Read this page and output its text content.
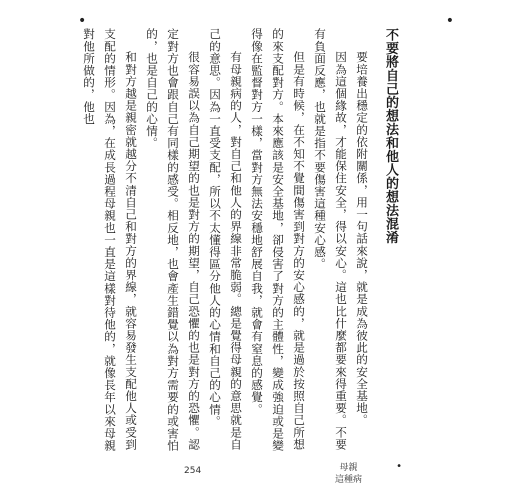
•
•
不要將自己的想法和他人的想法混淆

要培養出穩定的依附關係，用一句話來說，就是成為彼此的安全基地。

因為這個緣故，才能保住安全，得以安心。這也比什麼都要來得重要。不要有負面反應，也就是指不要傷害這種安心感。

但是有時候，在不知不覺間傷害到對方的安心感的，就是過於按照自己所想的來支配對方。本來應該是安全基地，卻侵害了對方的主體性，變成強迫或是變得像在監督對方一樣，當對方無法安穩地舒展自我，就會有窒息的感覺。

有母親病的人，對自己和他人的界線非常脆弱。總是覺得母親的意思就是自己的意思。因為一直受支配，所以不太懂得區分他人的心情和自己的心情。

很容易誤以為自己期望的也是對方的期望，自己恐懼的也是對方的恐懼。認定對方也會跟自己有同樣的感受。相反地，也會產生錯覺以為對方需要的或害怕的，也是自己的心情。

和對方越是親密就越分不清自己和對方的界線，就容易發生支配他人或受到支配的情形。因為，在成長過程母親也一直是這樣對待他的，就像長年以來母親對他所做的，他也

254	母親
這種病
•
